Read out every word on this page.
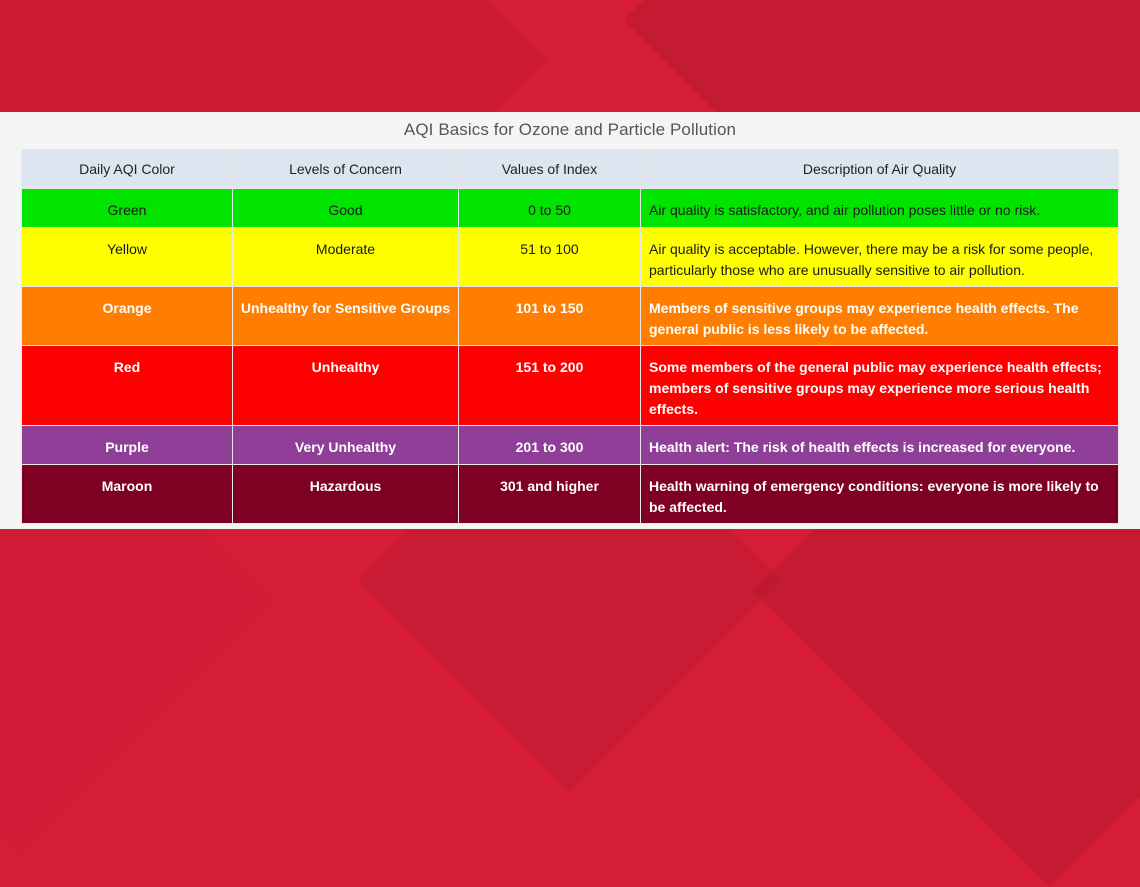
AQI Basics for Ozone and Particle Pollution
Daily AQI Color	Levels of Concern	Values of Index	Description of Air Quality
Green	Good	0 to 50	Air quality is satisfactory, and air pollution poses little or no risk.
Yellow	Moderate	51 to 100	Air quality is acceptable. However, there may be a risk for some people, particularly those who are unusually sensitive to air pollution.
Orange	Unhealthy for Sensitive Groups	101 to 150	Members of sensitive groups may experience health effects. The general public is less likely to be affected.
Red	Unhealthy	151 to 200	Some members of the general public may experience health effects; members of sensitive groups may experience more serious health effects.
Purple	Very Unhealthy	201 to 300	Health alert: The risk of health effects is increased for everyone.
Maroon	Hazardous	301 and higher	Health warning of emergency conditions: everyone is more likely to be affected.
